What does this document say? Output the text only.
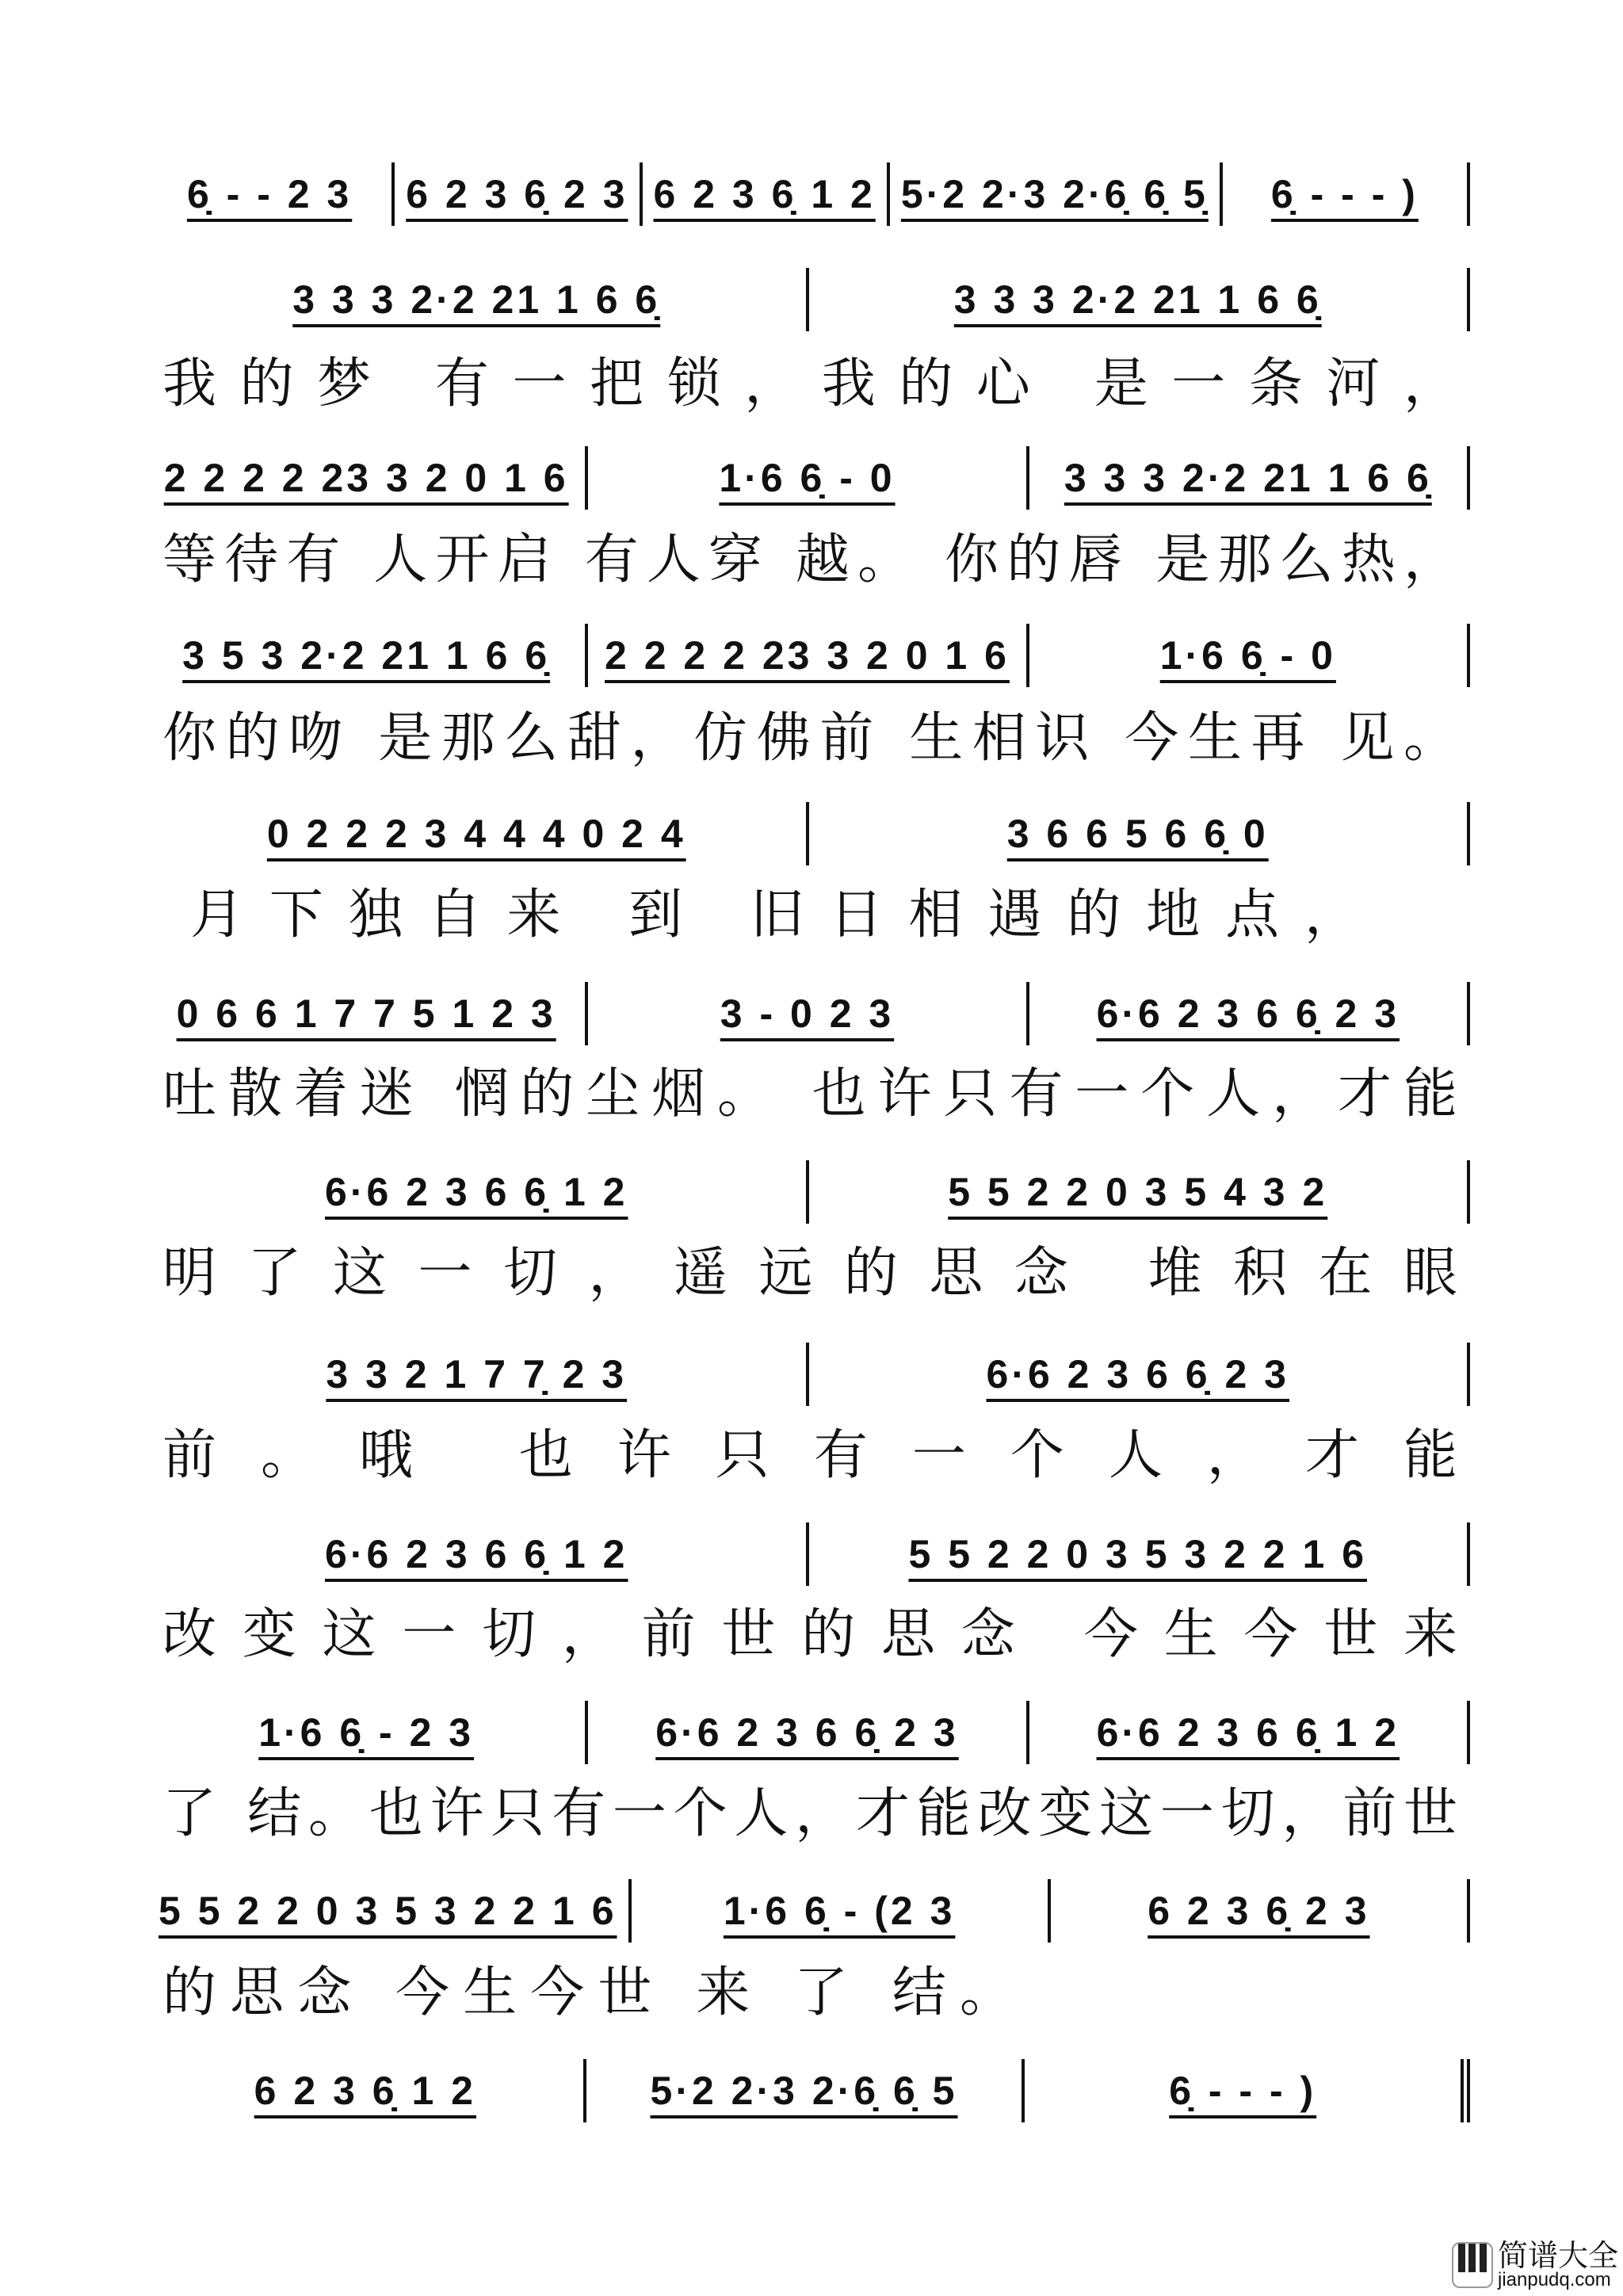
6̣ - - 2 3	6 2 3 6̣ 2 3 6 2 3 6̣ 1 2 5·2 2·3 2·6̣ 6̣ 5̣	6̣ - - - )
3 3 3 2·2 21 1 6 6̣	3 3 3 2·2 21 1 6 6̣
我的梦 有一把锁，我的心 是一条河，
2 2 2 2 23 3 2 0 1 6	1·6 6̣ - 0	3 3 3 2·2 21 1 6 6̣
等待有 人开启 有人穿 越。 你的唇 是那么热，
3 5 3 2·2 21 1 6 6̣	2 2 2 2 23 3 2 0 1 6	1·6 6̣ - 0
你的吻 是那么甜，仿佛前 生相识 今生再 见。
0 2 2 2 3 4 4 4 0 2 4	3 6 6 5 6 6̣ 0
月下独自来 到 旧日相遇的地点，
0 6 6 1 7 7 5 1 2 3	3 - 0 2 3	6·6 2 3 6 6̣ 2 3
吐散着迷 惘的尘烟。 也许只有一个人，才能
6·6 2 3 6 6̣ 1 2	5 5 2 2 0 3 5 4 3 2
明了这一切，遥远的思念 堆积在眼
3 3 2 1 7 7̣ 2 3	6·6 2 3 6 6̣ 2 3
前。哦 也许只有一个人，才能
6·6 2 3 6 6̣ 1 2	5 5 2 2 0 3 5 3 2 2 1 6
改变这一切，前世的思念 今生今世来
1·6 6̣ - 2 3	6·6 2 3 6 6̣ 2 3	6·6 2 3 6 6̣ 1 2
了 结。也许只有一个人，才能改变这一切，前世
5 5 2 2 0 3 5 3 2 2 1 6	1·6 6̣ - (2 3	6 2 3 6̣ 2 3
的思念 今生今世 来 了 结。
6 2 3 6̣ 1 2	5·2 2·3 2·6̣ 6̣ 5	6̣ - - - )
简谱大全
jianpudq.com
